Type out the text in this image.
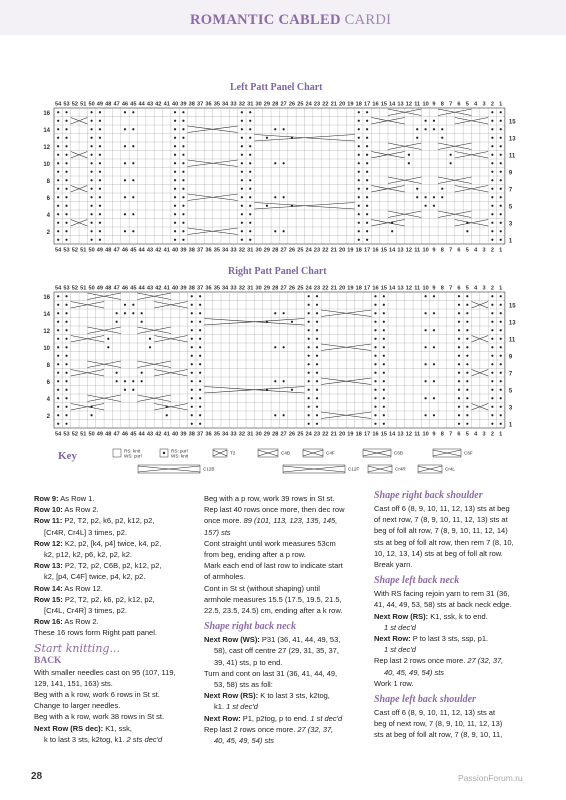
ROMANTIC CABLED CARDI
Left Patt Panel Chart
54
54
53
53
52
52
51
51
50
50
49
49
48
48
47
47
46
46
45
45
44
44
43
43
42
42
41
41
40
40
39
39
38
38
37
37
36
36
35
35
34
34
33
33
32
32
31
31
30
30
29
29
28
28
27
27
26
26
25
25
24
24
23
23
22
22
21
21
20
20
19
19
18
18
17
17
16
16
15
15
14
14
13
13
12
12
11
11
10
10
9
9
8
8
7
7
6
6
5
5
4
4
3
3
2
2
1
1
16
14
12
10
8
6
4
2
15
13
11
9
7
5
3
1
Right Patt Panel Chart
54
54
53
53
52
52
51
51
50
50
49
49
48
48
47
47
46
46
45
45
44
44
43
43
42
42
41
41
40
40
39
39
38
38
37
37
36
36
35
35
34
34
33
33
32
32
31
31
30
30
29
29
28
28
27
27
26
26
25
25
24
24
23
23
22
22
21
21
20
20
19
19
18
18
17
17
16
16
15
15
14
14
13
13
12
12
11
11
10
10
9
9
8
8
7
7
6
6
5
5
4
4
3
3
2
2
1
1
16
14
12
10
8
6
4
2
15
13
11
9
7
5
3
1
Key	RS: knit
WS: purl
RS: purl
WS: knit
T2	C4B	C4F	C6B	C6F
C12B	C12F	Cr4R	Cr4L

Row 9: As Row 1.

Row 10: As Row 2.

Row 11: P2, T2, p2, k6, p2, k12, p2,

[Cr4R, Cr4L] 3 times, p2.

Row 12: K2, p2, [k4, p4] twice, k4, p2,

k2, p12, k2, p6, k2, p2, k2.

Row 13: P2, T2, p2, C6B, p2, k12, p2,

k2, [p4, C4F] twice, p4, k2, p2.

Row 14: As Row 12.

Row 15: P2, T2, p2, k6, p2, k12, p2,

[Cr4L, Cr4R] 3 times, p2.

Row 16: As Row 2.

These 16 rows form Right patt panel.

Start knitting...

BACK

With smaller needles cast on 95 (107, 119,

129, 141, 151, 163) sts.

Beg with a k row, work 6 rows in St st.

Change to larger needles.

Beg with a k row, work 38 rows in St st.

Next Row (RS dec): K1, ssk,

k to last 3 sts, k2tog, k1. 2 sts dec'd

Beg with a p row, work 39 rows in St st.

Rep last 40 rows once more, then dec row

once more. 89 (101, 113, 123, 135, 145,

157) sts

Cont straight until work measures 53cm

from beg, ending after a p row.

Mark each end of last row to indicate start

of armholes.

Cont in St st (without shaping) until

armhole measures 15.5 (17.5, 19.5, 21.5,

22.5, 23.5, 24.5) cm, ending after a k row.

Shape right back neck

Next Row (WS): P31 (36, 41, 44, 49, 53,

58), cast off centre 27 (29, 31, 35, 37,

39, 41) sts, p to end.

Turn and cont on last 31 (36, 41, 44, 49,

53, 58) sts as foll:

Next Row (RS): K to last 3 sts, k2tog,

k1. 1 st dec'd

Next Row: P1, p2tog, p to end. 1 st dec'd

Rep last 2 rows once more. 27 (32, 37,

40, 45, 49, 54) sts

Shape right back shoulder

Cast off 6 (8, 9, 10, 11, 12, 13) sts at beg

of next row, 7 (8, 9, 10, 11, 12, 13) sts at

beg of foll alt row, 7 (8, 9, 10, 11, 12, 14)

sts at beg of foll alt row, then rem 7 (8, 10,

10, 12, 13, 14) sts at beg of foll alt row.

Break yarn.

Shape left back neck

With RS facing rejoin yarn to rem 31 (36,

41, 44, 49, 53, 58) sts at back neck edge.

Next Row (RS): K1, ssk, k to end.

1 st dec'd

Next Row: P to last 3 sts, ssp, p1.

1 st dec'd

Rep last 2 rows once more. 27 (32, 37,

40, 45, 49, 54) sts

Work 1 row.

Shape left back shoulder

Cast off 6 (8, 9, 10, 11, 12, 13) sts at

beg of next row, 7 (8, 9, 10, 11, 12, 13)

sts at beg of foll alt row, 7 (8, 9, 10, 11,

28	PassionForum.ru
